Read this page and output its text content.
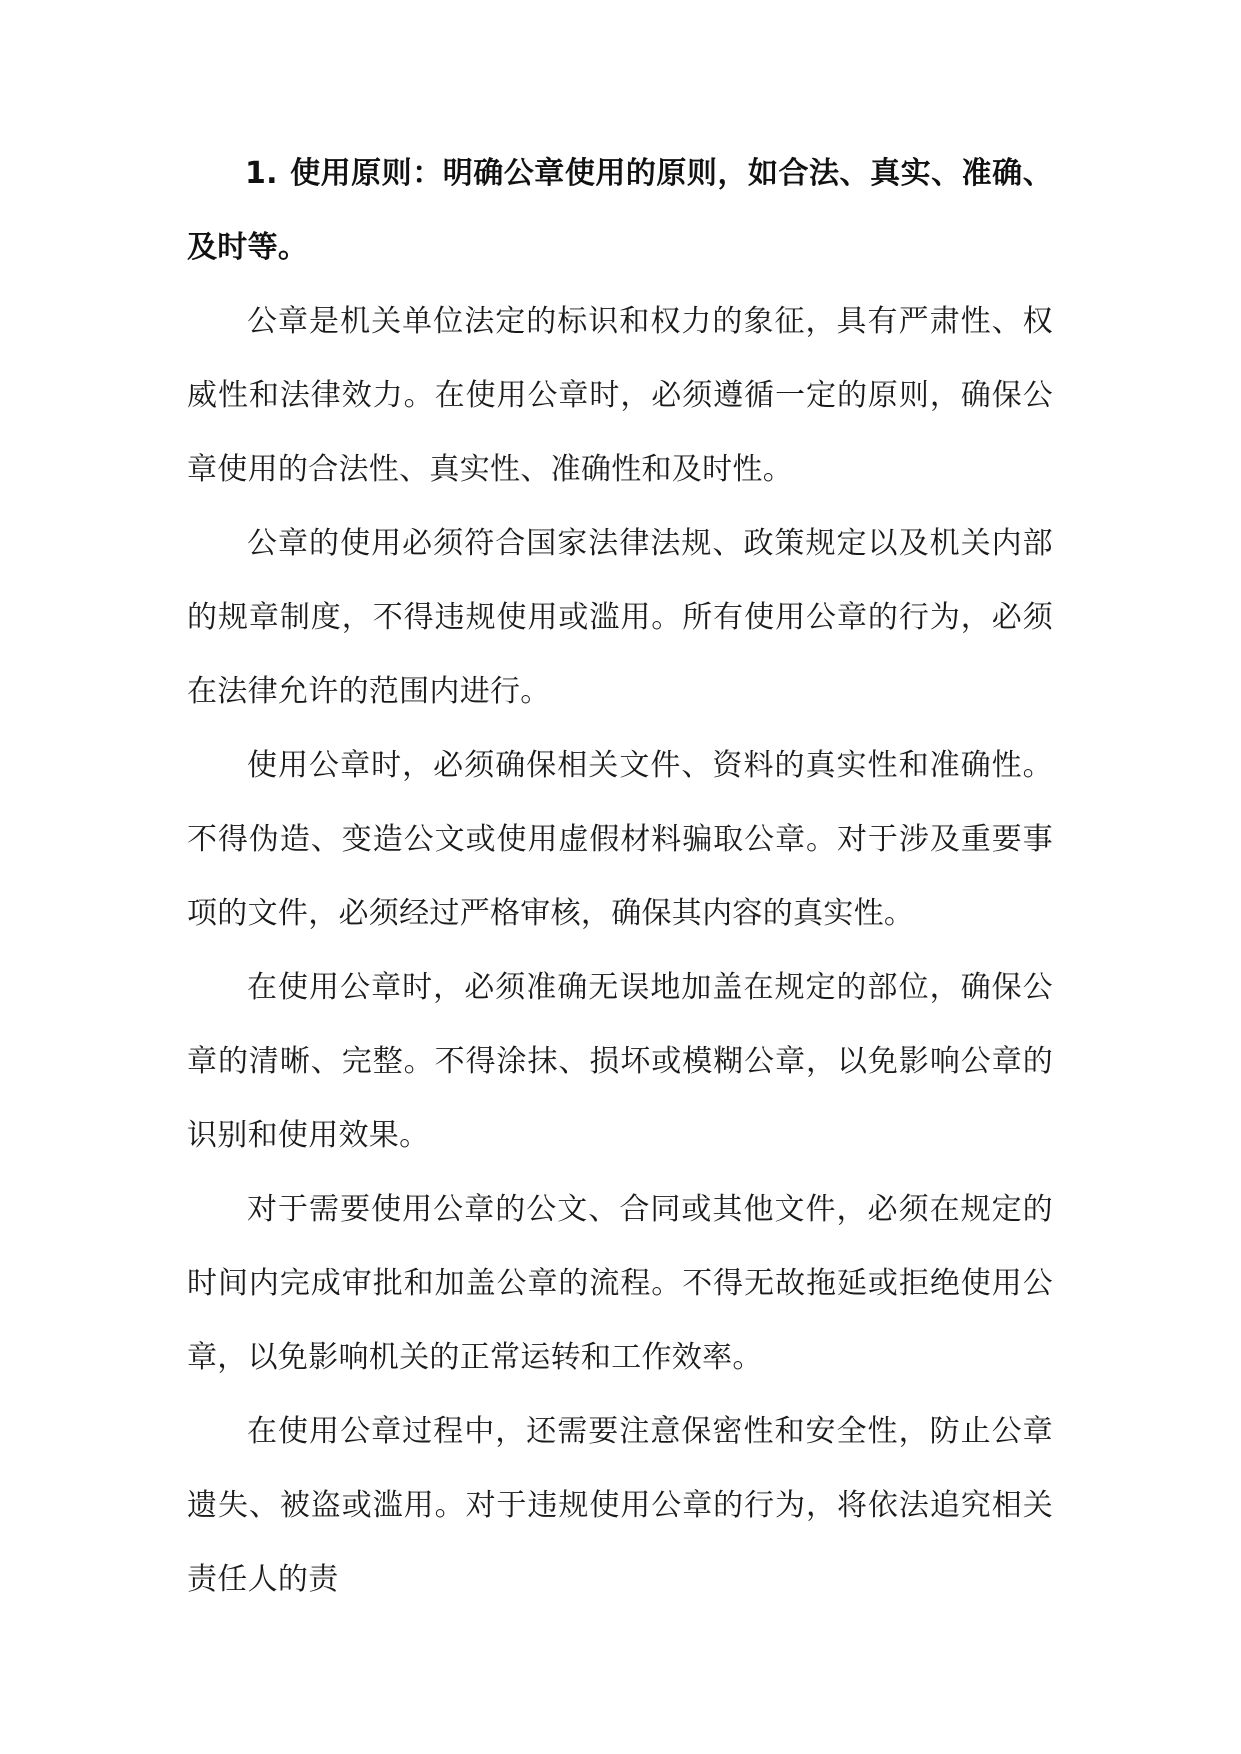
1. 使用原则：明确公章使用的原则，如合法、真实、准确、及时等。

公章是机关单位法定的标识和权力的象征，具有严肃性、权威性和法律效力。在使用公章时，必须遵循一定的原则，确保公章使用的合法性、真实性、准确性和及时性。

公章的使用必须符合国家法律法规、政策规定以及机关内部的规章制度，不得违规使用或滥用。所有使用公章的行为，必须在法律允许的范围内进行。

使用公章时，必须确保相关文件、资料的真实性和准确性。不得伪造、变造公文或使用虚假材料骗取公章。对于涉及重要事项的文件，必须经过严格审核，确保其内容的真实性。

在使用公章时，必须准确无误地加盖在规定的部位，确保公章的清晰、完整。不得涂抹、损坏或模糊公章，以免影响公章的识别和使用效果。

对于需要使用公章的公文、合同或其他文件，必须在规定的时间内完成审批和加盖公章的流程。不得无故拖延或拒绝使用公章，以免影响机关的正常运转和工作效率。

在使用公章过程中，还需要注意保密性和安全性，防止公章遗失、被盗或滥用。对于违规使用公章的行为，将依法追究相关责任人的责
